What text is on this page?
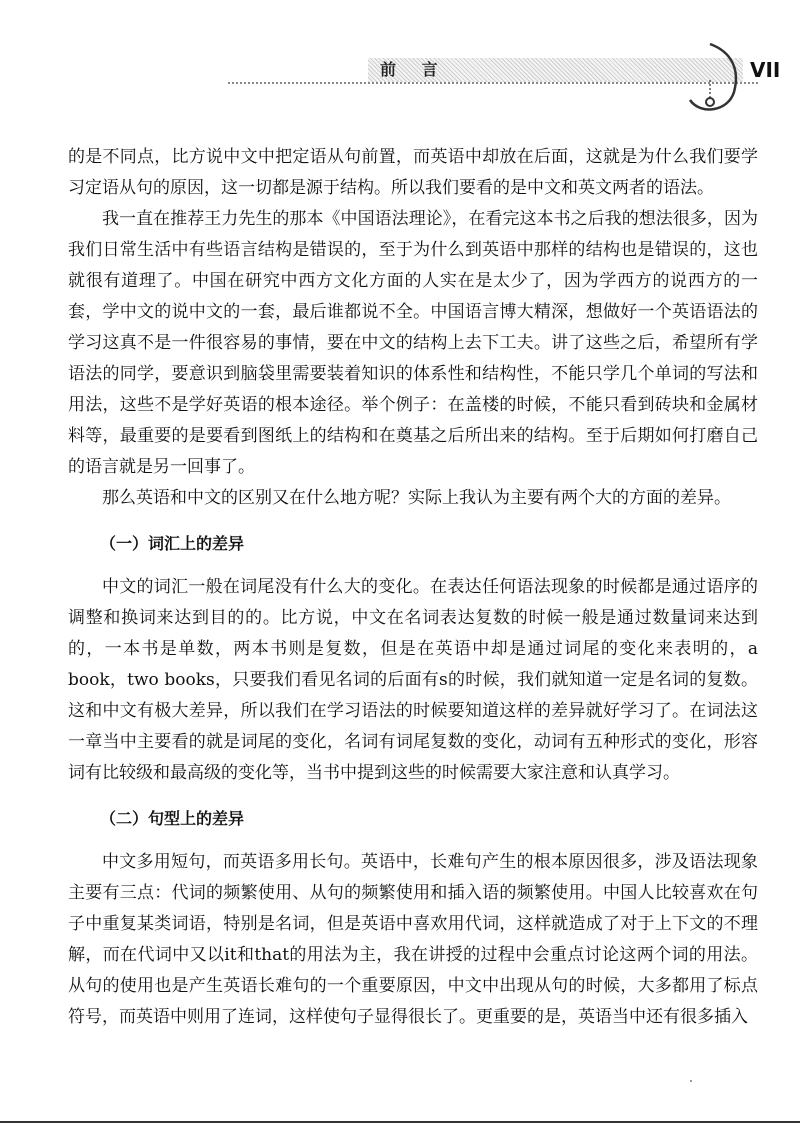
前 言	VII

的是不同点，比方说中文中把定语从句前置，而英语中却放在后面，这就是为什么我们要学习定语从句的原因，这一切都是源于结构。所以我们要看的是中文和英文两者的语法。

我一直在推荐王力先生的那本《中国语法理论》，在看完这本书之后我的想法很多，因为我们日常生活中有些语言结构是错误的，至于为什么到英语中那样的结构也是错误的，这也就很有道理了。中国在研究中西方文化方面的人实在是太少了，因为学西方的说西方的一套，学中文的说中文的一套，最后谁都说不全。中国语言博大精深，想做好一个英语语法的学习这真不是一件很容易的事情，要在中文的结构上去下工夫。讲了这些之后，希望所有学语法的同学，要意识到脑袋里需要装着知识的体系性和结构性，不能只学几个单词的写法和用法，这些不是学好英语的根本途径。举个例子：在盖楼的时候，不能只看到砖块和金属材料等，最重要的是要看到图纸上的结构和在奠基之后所出来的结构。至于后期如何打磨自己的语言就是另一回事了。

那么英语和中文的区别又在什么地方呢？实际上我认为主要有两个大的方面的差异。

（一）词汇上的差异

中文的词汇一般在词尾没有什么大的变化。在表达任何语法现象的时候都是通过语序的调整和换词来达到目的的。比方说，中文在名词表达复数的时候一般是通过数量词来达到的，一本书是单数，两本书则是复数，但是在英语中却是通过词尾的变化来表明的，a book，two books，只要我们看见名词的后面有s的时候，我们就知道一定是名词的复数。这和中文有极大差异，所以我们在学习语法的时候要知道这样的差异就好学习了。在词法这一章当中主要看的就是词尾的变化，名词有词尾复数的变化，动词有五种形式的变化，形容词有比较级和最高级的变化等，当书中提到这些的时候需要大家注意和认真学习。

（二）句型上的差异

中文多用短句，而英语多用长句。英语中，长难句产生的根本原因很多，涉及语法现象主要有三点：代词的频繁使用、从句的频繁使用和插入语的频繁使用。中国人比较喜欢在句子中重复某类词语，特别是名词，但是英语中喜欢用代词，这样就造成了对于上下文的不理解，而在代词中又以it和that的用法为主，我在讲授的过程中会重点讨论这两个词的用法。从句的使用也是产生英语长难句的一个重要原因，中文中出现从句的时候，大多都用了标点符号，而英语中则用了连词，这样使句子显得很长了。更重要的是，英语当中还有很多插入
